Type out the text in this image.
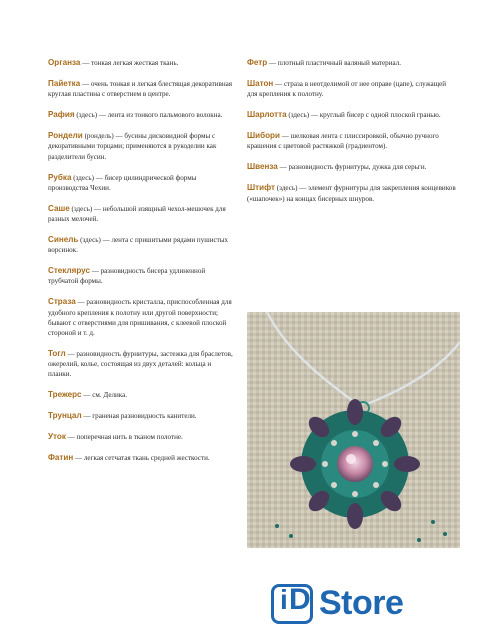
Органза — тонкая легкая жесткая ткань.

Пайетка — очень тонкая и легкая блестящая декоративная круглая пластина с отверстием в центре.

Рафия (здесь) — лента из тонкого пальмового волокна.

Рондели (рондель) — бусины дисковидной формы с декоративными торцами; применяются в рукоделии как разделители бусин.

Рубка (здесь) — бисер цилиндрической формы производства Чехии.

Саше (здесь) — небольшой изящный чехол-мешочек для разных мелочей.

Синель (здесь) — лента с пришитыми рядами пушистых ворсинок.

Стеклярус — разновидность бисера удлиненной трубчатой формы.

Страза — разновидность кристалла, приспособленная для удобного крепления к полотну или другой поверхности; бывают с отверстиями для пришивания, с клеевой плоской стороной и т. д.

Тогл — разновидность фурнитуры, застежка для браслетов, ожерелий, колье, состоящая из двух деталей: кольца и планки.

Трежерс — см. Делика.

Трунцал — граненая разновидность канители.

Уток — поперечная нить в тканом полотне.

Фатин — легкая сетчатая ткань средней жесткости.

Фетр — плотный пластичный валяный материал.

Шатон — страза в неотделимой от нее оправе (цапе), служащей для крепления к полотну.

Шарлотта (здесь) — круглый бисер с одной плоской гранью.

Шибори — шелковая лента с плиссировкой, обычно ручного крашения с цветовой растяжкой (градиентом).

Швенза — разновидность фурнитуры, дужка для серьги.

Штифт (здесь) — элемент фурнитуры для закрепления концевиков («шапочек») на концах бисерных шнуров.

i D Store
